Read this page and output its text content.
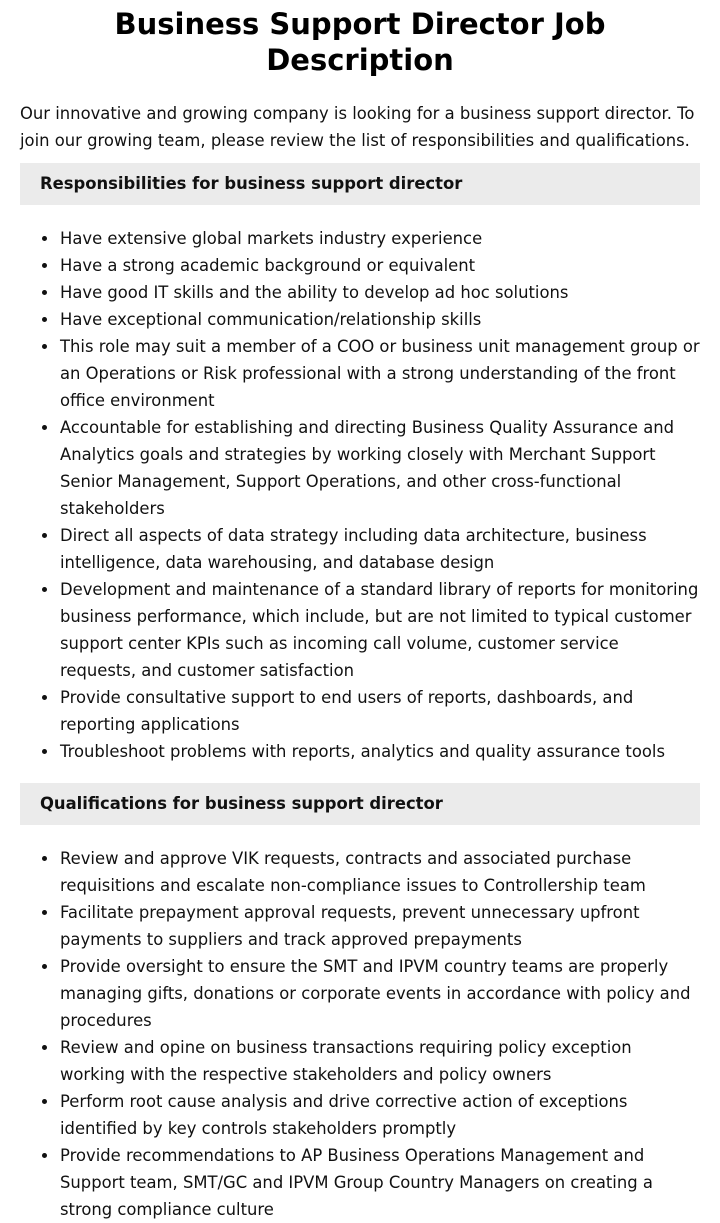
Business Support Director Job Description

Our innovative and growing company is looking for a business support director. To join our growing team, please review the list of responsibilities and qualifications.

Responsibilities for business support director
Have extensive global markets industry experience
Have a strong academic background or equivalent
Have good IT skills and the ability to develop ad hoc solutions
Have exceptional communication/relationship skills
This role may suit a member of a COO or business unit management group or an Operations or Risk professional with a strong understanding of the front office environment
Accountable for establishing and directing Business Quality Assurance and Analytics goals and strategies by working closely with Merchant Support Senior Management, Support Operations, and other cross-functional stakeholders
Direct all aspects of data strategy including data architecture, business intelligence, data warehousing, and database design
Development and maintenance of a standard library of reports for monitoring business performance, which include, but are not limited to typical customer support center KPIs such as incoming call volume, customer service requests, and customer satisfaction
Provide consultative support to end users of reports, dashboards, and reporting applications
Troubleshoot problems with reports, analytics and quality assurance tools
Qualifications for business support director
Review and approve VIK requests, contracts and associated purchase requisitions and escalate non-compliance issues to Controllership team
Facilitate prepayment approval requests, prevent unnecessary upfront payments to suppliers and track approved prepayments
Provide oversight to ensure the SMT and IPVM country teams are properly managing gifts, donations or corporate events in accordance with policy and procedures
Review and opine on business transactions requiring policy exception working with the respective stakeholders and policy owners
Perform root cause analysis and drive corrective action of exceptions identified by key controls stakeholders promptly
Provide recommendations to AP Business Operations Management and Support team, SMT/GC and IPVM Group Country Managers on creating a strong compliance culture
